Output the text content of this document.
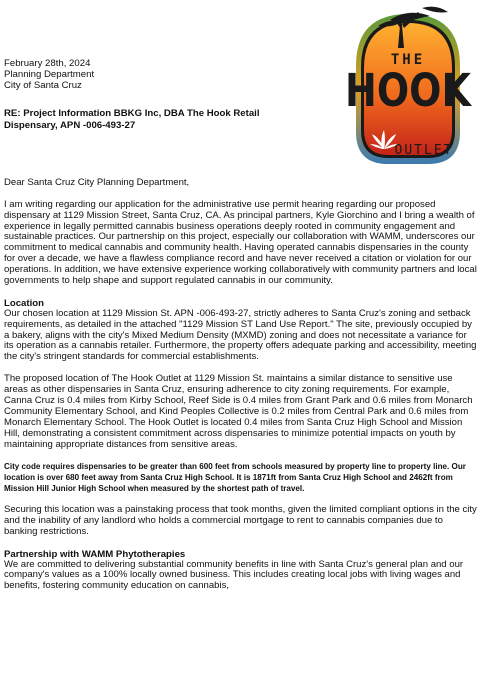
THE
HOOK
OUTLET
February 28th, 2024
Planning Department
City of Santa Cruz
RE: Project Information BBKG Inc, DBA The Hook Retail
Dispensary, APN -006-493-27

Dear Santa Cruz City Planning Department,

I am writing regarding our application for the administrative use permit hearing regarding our proposed dispensary at 1129 Mission Street, Santa Cruz, CA. As principal partners, Kyle Giorchino and I bring a wealth of experience in legally permitted cannabis business operations deeply rooted in community engagement and sustainable practices. Our partnership on this project, especially our collaboration with WAMM, underscores our commitment to medical cannabis and community health. Having operated cannabis dispensaries in the county for over a decade, we have a flawless compliance record and have never received a citation or violation for our operations. In addition, we have extensive experience working collaboratively with community partners and local governments to help shape and support regulated cannabis in our community.

Location

Our chosen location at 1129 Mission St. APN -006-493-27, strictly adheres to Santa Cruz's zoning and setback requirements, as detailed in the attached "1129 Mission ST Land Use Report." The site, previously occupied by a bakery, aligns with the city's Mixed Medium Density (MXMD) zoning and does not necessitate a variance for its operation as a cannabis retailer. Furthermore, the property offers adequate parking and accessibility, meeting the city's stringent standards for commercial establishments.

The proposed location of The Hook Outlet at 1129 Mission St. maintains a similar distance to sensitive use areas as other dispensaries in Santa Cruz, ensuring adherence to city zoning requirements. For example, Canna Cruz is 0.4 miles from Kirby School, Reef Side is 0.4 miles from Grant Park and 0.6 miles from Monarch Community Elementary School, and Kind Peoples Collective is 0.2 miles from Central Park and 0.6 miles from Monarch Elementary School. The Hook Outlet is located 0.4 miles from Santa Cruz High School and Mission Hill, demonstrating a consistent commitment across dispensaries to minimize potential impacts on youth by maintaining appropriate distances from sensitive areas.

City code requires dispensaries to be greater than 600 feet from schools measured by property line to property line. Our location is over 680 feet away from Santa Cruz High School. It is 1871ft from Santa Cruz High School and 2462ft from Mission Hill Junior High School when measured by the shortest path of travel.

Securing this location was a painstaking process that took months, given the limited compliant options in the city and the inability of any landlord who holds a commercial mortgage to rent to cannabis companies due to banking restrictions.

Partnership with WAMM Phytotherapies

We are committed to delivering substantial community benefits in line with Santa Cruz's general plan and our company's values as a 100% locally owned business. This includes creating local jobs with living wages and benefits, fostering community education on cannabis,
